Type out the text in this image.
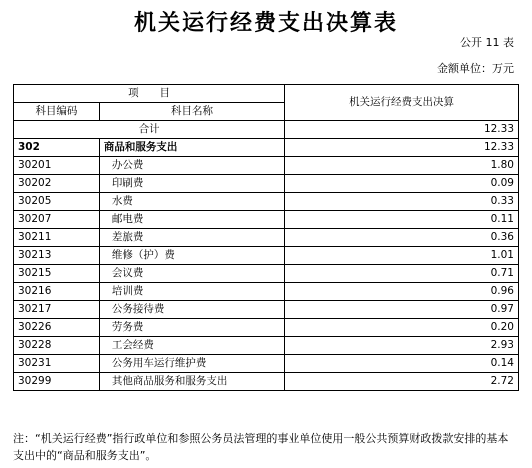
机关运行经费支出决算表
公开 11 表
金额单位：万元
项　　目		机关运行经费支出决算
科目编码	科目名称	
合计		12.33
302	商品和服务支出	12.33
30201	办公费	1.80
30202	印刷费	0.09
30205	水费	0.33
30207	邮电费	0.11
30211	差旅费	0.36
30213	维修（护）费	1.01
30215	会议费	0.71
30216	培训费	0.96
30217	公务接待费	0.97
30226	劳务费	0.20
30228	工会经费	2.93
30231	公务用车运行维护费	0.14
30299	其他商品服务和服务支出	2.72
注：“机关运行经费”指行政单位和参照公务员法管理的事业单位使用一般公共预算财政拨款安排的基本支出中的“商品和服务支出”。
